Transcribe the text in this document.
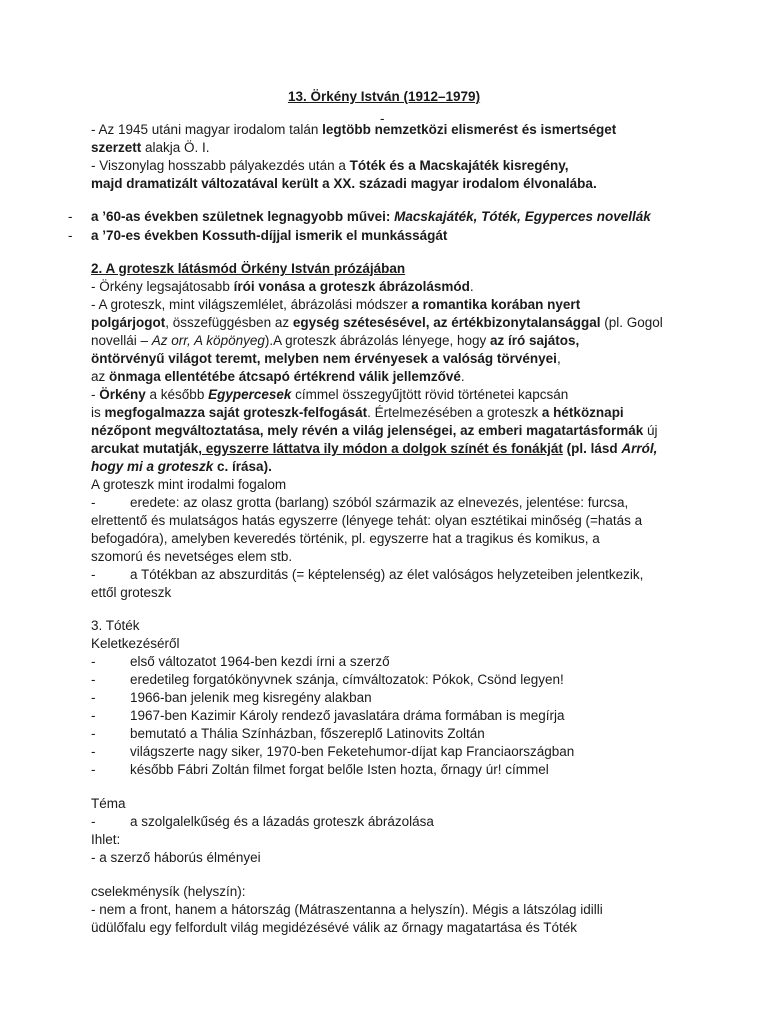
13. Örkény István (1912–1979)
-
- Az 1945 utáni magyar irodalom talán legtöbb nemzetközi elismerést és ismertséget
szerzett alakja Ö. I.
- Viszonylag hosszabb pályakezdés után a Tóték és a Macskajáték kisregény,
majd dramatizált változatával került a XX. századi magyar irodalom élvonalába.
- a ’60-as években születnek legnagyobb művei: Macskajáték, Tóték, Egyperces novellák
- a ’70-es években Kossuth-díjjal ismerik el munkásságát
2. A groteszk látásmód Örkény István prózájában
- Örkény legsajátosabb írói vonása a groteszk ábrázolásmód.
- A groteszk, mint világszemlélet, ábrázolási módszer a romantika korában nyert
polgárjogot, összefüggésben az egység szétesésével, az értékbizonytalansággal (pl. Gogol
novellái – Az orr, A köpönyeg).A groteszk ábrázolás lényege, hogy az író sajátos,
öntörvényű világot teremt, melyben nem érvényesek a valóság törvényei,
az önmaga ellentétébe átcsapó értékrend válik jellemzővé.
- Örkény a később Egypercesek címmel összegyűjtött rövid történetei kapcsán
is megfogalmazza saját groteszk-felfogását. Értelmezésében a groteszk a hétköznapi
nézőpont megváltoztatása, mely révén a világ jelenségei, az emberi magatartásformák új
arcukat mutatják, egyszerre láttatva ily módon a dolgok színét és fonákját (pl. lásd Arról,
hogy mi a groteszk c. írása).
A groteszk mint irodalmi fogalom
-	eredete: az olasz grotta (barlang) szóból származik az elnevezés, jelentése: furcsa,
elrettentő és mulatságos hatás egyszerre (lényege tehát: olyan esztétikai minőség (=hatás a
befogadóra), amelyben keveredés történik, pl. egyszerre hat a tragikus és komikus, a
szomorú és nevetséges elem stb.
-	a Tótékban az abszurditás (= képtelenség) az élet valóságos helyzeteiben jelentkezik,
ettől groteszk
3. Tóték
Keletkezéséről
-	első változatot 1964-ben kezdi írni a szerző
-	eredetileg forgatókönyvnek szánja, címváltozatok: Pókok, Csönd legyen!
-	1966-ban jelenik meg kisregény alakban
-	1967-ben Kazimir Károly rendező javaslatára dráma formában is megírja
-	bemutató a Thália Színházban, főszereplő Latinovits Zoltán
-	világszerte nagy siker, 1970-ben Feketehumor-díjat kap Franciaországban
-	később Fábri Zoltán filmet forgat belőle Isten hozta, őrnagy úr! címmel
Téma
-	a szolgalelkűség és a lázadás groteszk ábrázolása
Ihlet:
- a szerző háborús élményei
cselekménysík (helyszín):
- nem a front, hanem a hátország (Mátraszentanna a helyszín). Mégis a látszólag idilli
üdülőfalu egy felfordult világ megidézésévé válik az őrnagy magatartása és Tóték
